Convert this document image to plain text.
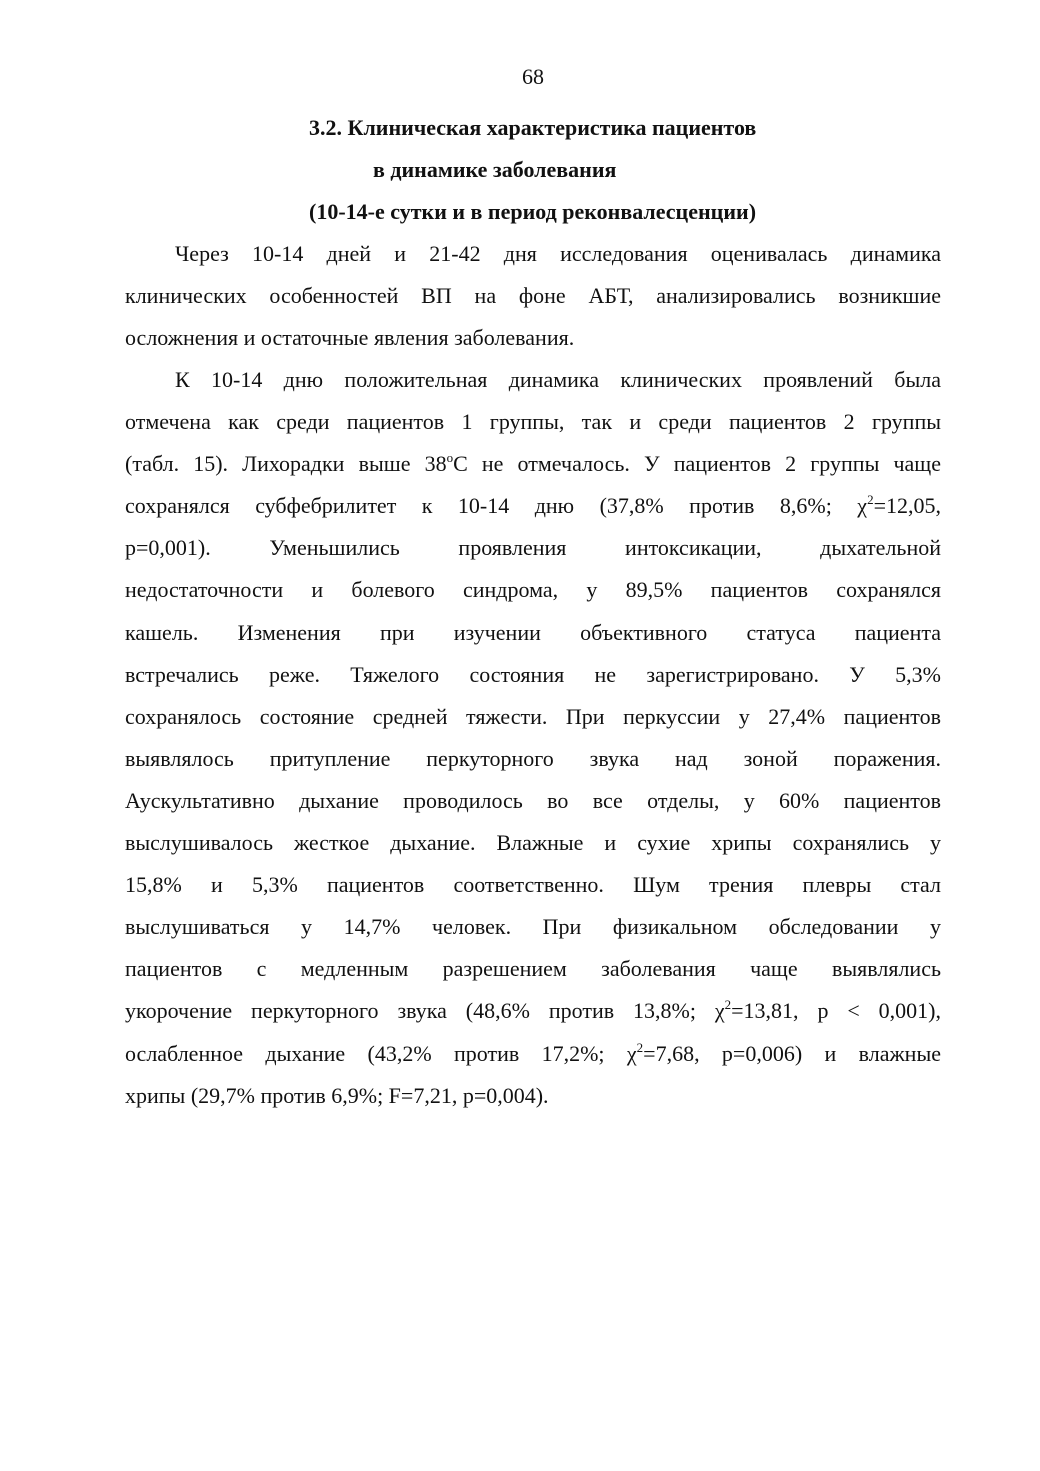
68
3.2. Клиническая характеристика пациентов
в динамике заболевания
(10-14-е сутки и в период реконвалесценции)
Через 10-14 дней и 21-42 дня исследования оценивалась динамика
клинических особенностей ВП на фоне АБТ, анализировались возникшие
осложнения и остаточные явления заболевания.
К 10-14 дню положительная динамика клинических проявлений была
отмечена как среди пациентов 1 группы, так и среди пациентов 2 группы
(табл. 15). Лихорадки выше $38^оС$ не отмечалось. У пациентов 2 группы чаще
сохранялся субфебрилитет к 10-14 дню (37,8% против 8,6%; $\chi^2=12,05$,
p=0,001). Уменьшились проявления интоксикации, дыхательной
недостаточности и болевого синдрома, у 89,5% пациентов сохранялся
кашель. Изменения при изучении объективного статуса пациента
встречались реже. Тяжелого состояния не зарегистрировано. У 5,3%
сохранялось состояние средней тяжести. При перкуссии у 27,4% пациентов
выявлялось притупление перкуторного звука над зоной поражения.
Аускультативно дыхание проводилось во все отделы, у 60% пациентов
выслушивалось жесткое дыхание. Влажные и сухие хрипы сохранялись у
15,8% и 5,3% пациентов соответственно. Шум трения плевры стал
выслушиваться у 14,7% человек. При физикальном обследовании у
пациентов с медленным разрешением заболевания чаще выявлялись
укорочение перкуторного звука (48,6% против 13,8%; $\chi^2=13,81$, p < 0,001),
ослабленное дыхание (43,2% против 17,2%; $\chi^2=7,68$, p=0,006) и влажные
хрипы (29,7% против 6,9%; F=7,21, p=0,004).
